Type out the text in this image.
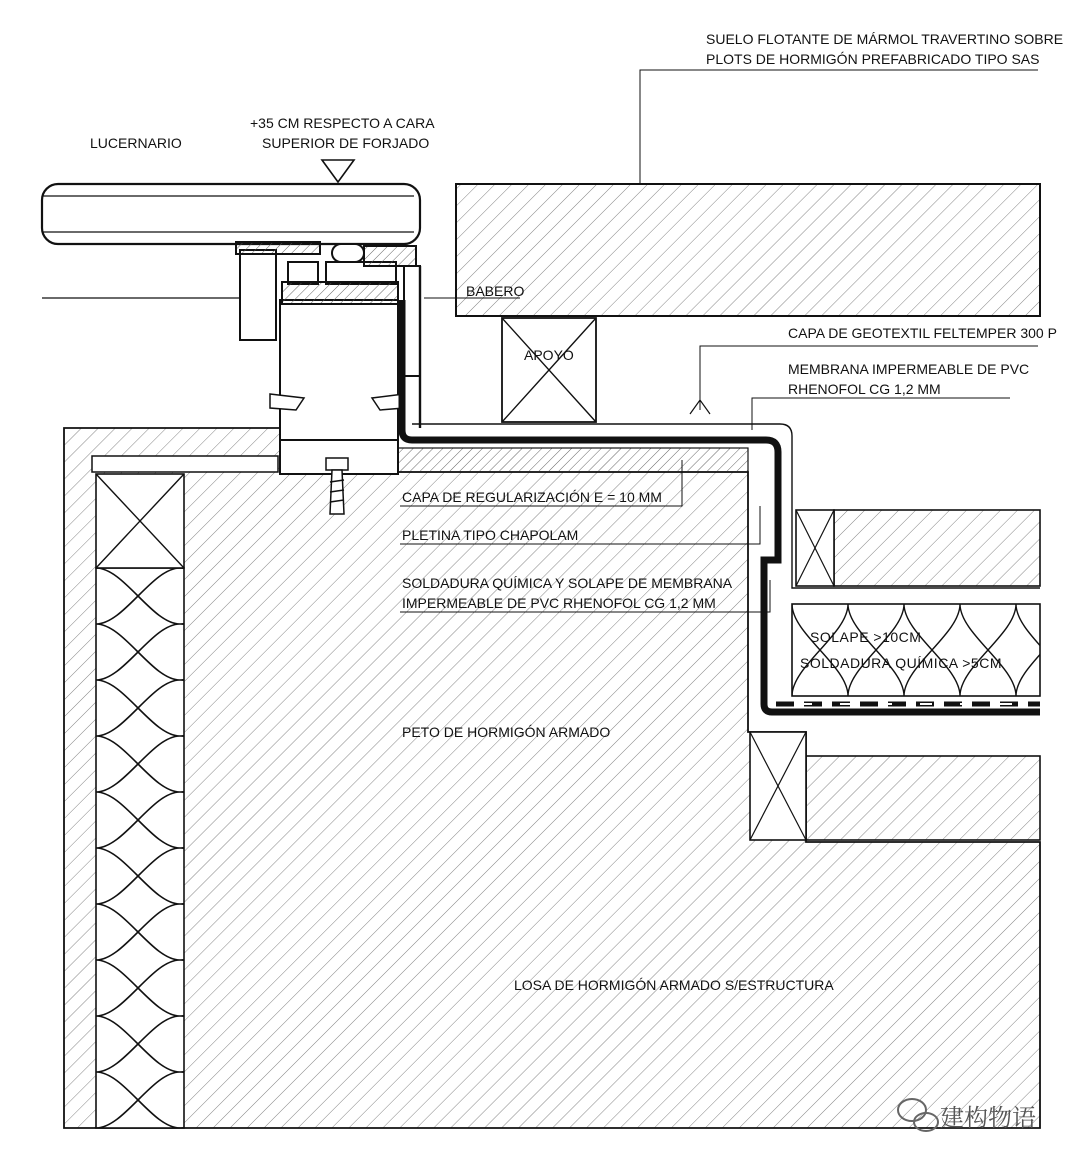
SUELO FLOTANTE DE MÁRMOL TRAVERTINO SOBRE
PLOTS DE HORMIGÓN PREFABRICADO TIPO SAS
LUCERNARIO
+35 CM RESPECTO A CARA
SUPERIOR DE FORJADO
BABERO
APOYO
CAPA DE GEOTEXTIL FELTEMPER 300 P
MEMBRANA IMPERMEABLE DE PVC
RHENOFOL CG 1,2 MM
CAPA DE REGULARIZACIÓN E = 10 MM
PLETINA TIPO CHAPOLAM
SOLDADURA QUÍMICA Y SOLAPE DE MEMBRANA
IMPERMEABLE DE PVC RHENOFOL CG 1,2 MM
SOLAPE >10CM
SOLDADURA QUÍMICA >5CM
PETO DE HORMIGÓN ARMADO
LOSA DE HORMIGÓN ARMADO S/ESTRUCTURA
建构物语
